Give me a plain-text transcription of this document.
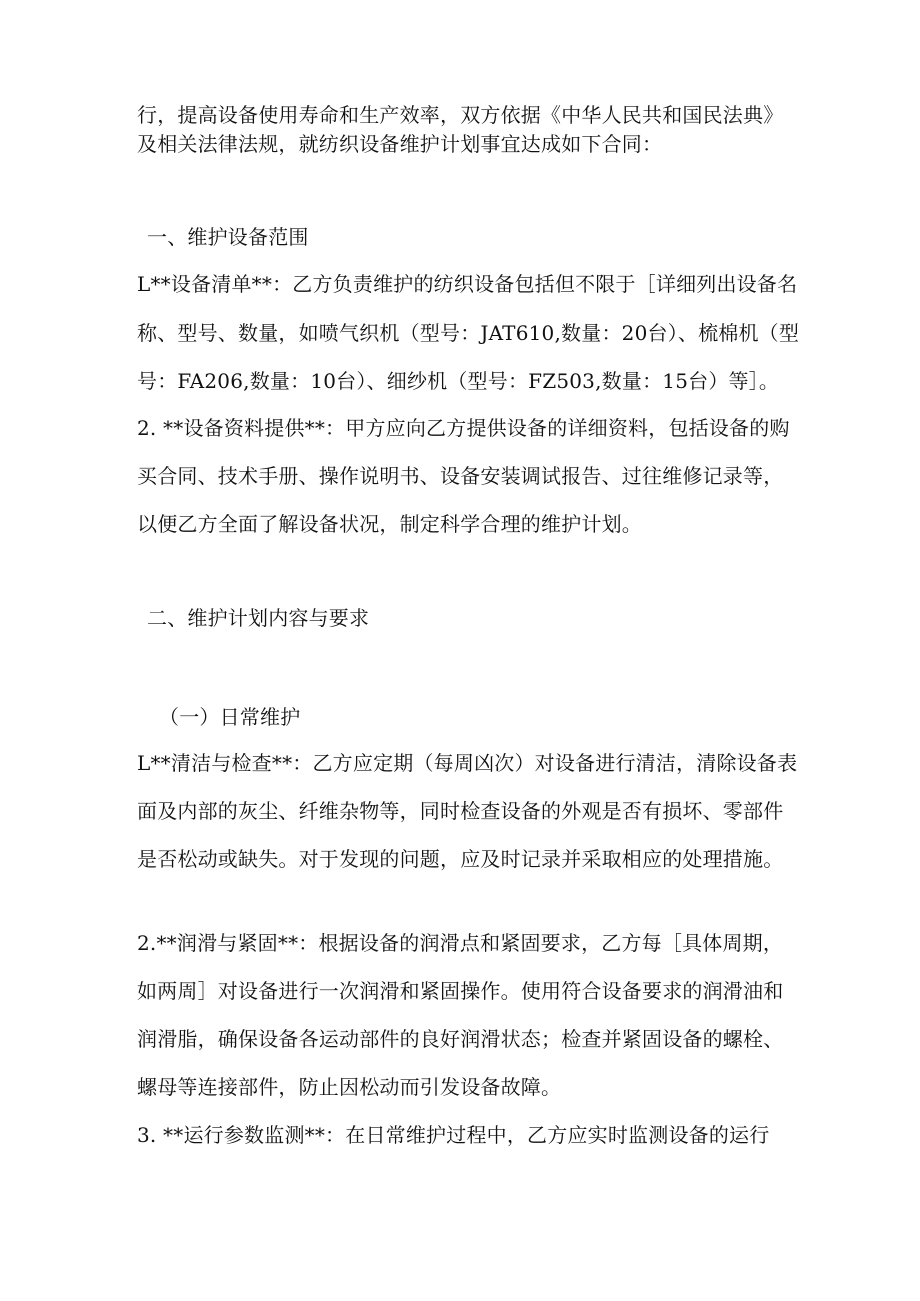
行，提高设备使用寿命和生产效率，双方依据《中华人民共和国民法典》
及相关法律法规，就纺织设备维护计划事宜达成如下合同：
一、维护设备范围
L**设备清单**：乙方负责维护的纺织设备包括但不限于［详细列出设备名
称、型号、数量，如喷气织机（型号：JAT610,数量：20台）、梳棉机（型
号：FA206,数量：10台）、细纱机（型号：FZ503,数量：15台）等］。
2. **设备资料提供**：甲方应向乙方提供设备的详细资料，包括设备的购
买合同、技术手册、操作说明书、设备安装调试报告、过往维修记录等，
以便乙方全面了解设备状况，制定科学合理的维护计划。
二、维护计划内容与要求
（一）日常维护
L**清洁与检查**：乙方应定期（每周凶次）对设备进行清洁，清除设备表
面及内部的灰尘、纤维杂物等，同时检查设备的外观是否有损坏、零部件
是否松动或缺失。对于发现的问题，应及时记录并采取相应的处理措施。
2.**润滑与紧固**：根据设备的润滑点和紧固要求，乙方每［具体周期，
如两周］对设备进行一次润滑和紧固操作。使用符合设备要求的润滑油和
润滑脂，确保设备各运动部件的良好润滑状态；检查并紧固设备的螺栓、
螺母等连接部件，防止因松动而引发设备故障。
3. **运行参数监测**：在日常维护过程中，乙方应实时监测设备的运行
